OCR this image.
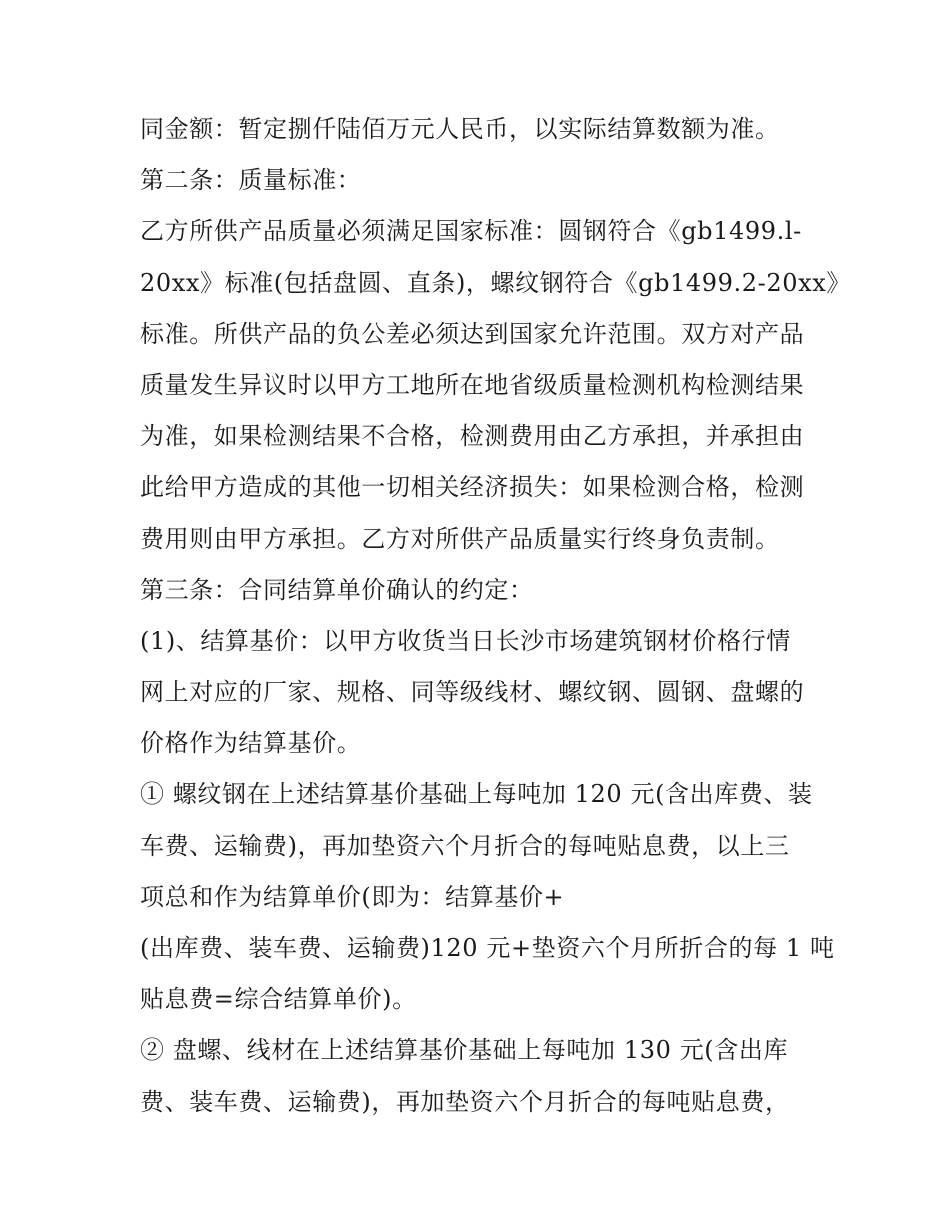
同金额：暂定捌仟陆佰万元人民币，以实际结算数额为准。
第二条：质量标准：
乙方所供产品质量必须满足国家标准：圆钢符合《gb1499.l-
20xx》标准(包括盘圆、直条)，螺纹钢符合《gb1499.2-20xx》
标准。所供产品的负公差必须达到国家允许范围。双方对产品
质量发生异议时以甲方工地所在地省级质量检测机构检测结果
为准，如果检测结果不合格，检测费用由乙方承担，并承担由
此给甲方造成的其他一切相关经济损失：如果检测合格，检测
费用则由甲方承担。乙方对所供产品质量实行终身负责制。
第三条：合同结算单价确认的约定：
(1)、结算基价：以甲方收货当日长沙市场建筑钢材价格行情
网上对应的厂家、规格、同等级线材、螺纹钢、圆钢、盘螺的
价格作为结算基价。
① 螺纹钢在上述结算基价基础上每吨加 120 元(含出库费、装
车费、运输费)，再加垫资六个月折合的每吨贴息费，以上三
项总和作为结算单价(即为：结算基价+
(出库费、装车费、运输费)120 元+垫资六个月所折合的每 1 吨
贴息费=综合结算单价)。
② 盘螺、线材在上述结算基价基础上每吨加 130 元(含出库
费、装车费、运输费)，再加垫资六个月折合的每吨贴息费，
